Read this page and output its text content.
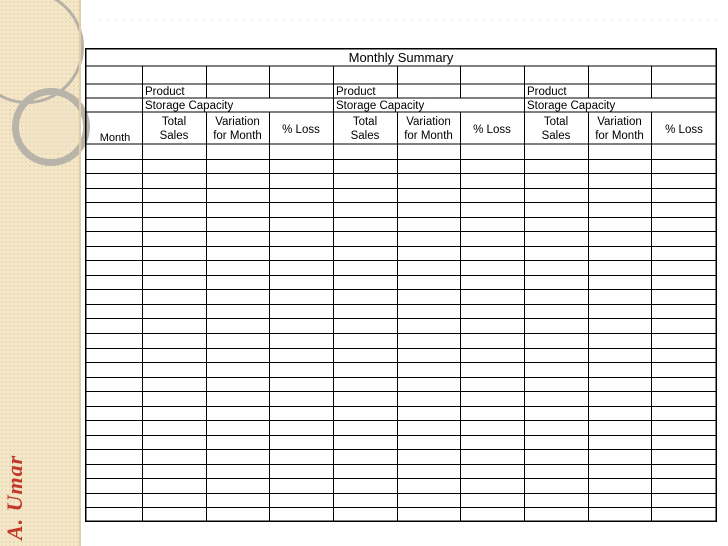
A. Umar
Monthly Summary
Month
Product
Storage Capacity
Total
Sales
Variation
for Month % Loss
Product
Storage Capacity
Total
Sales
Variation
for Month % Loss
Product
Storage Capacity
Total
Sales
Variation
for Month % Loss
